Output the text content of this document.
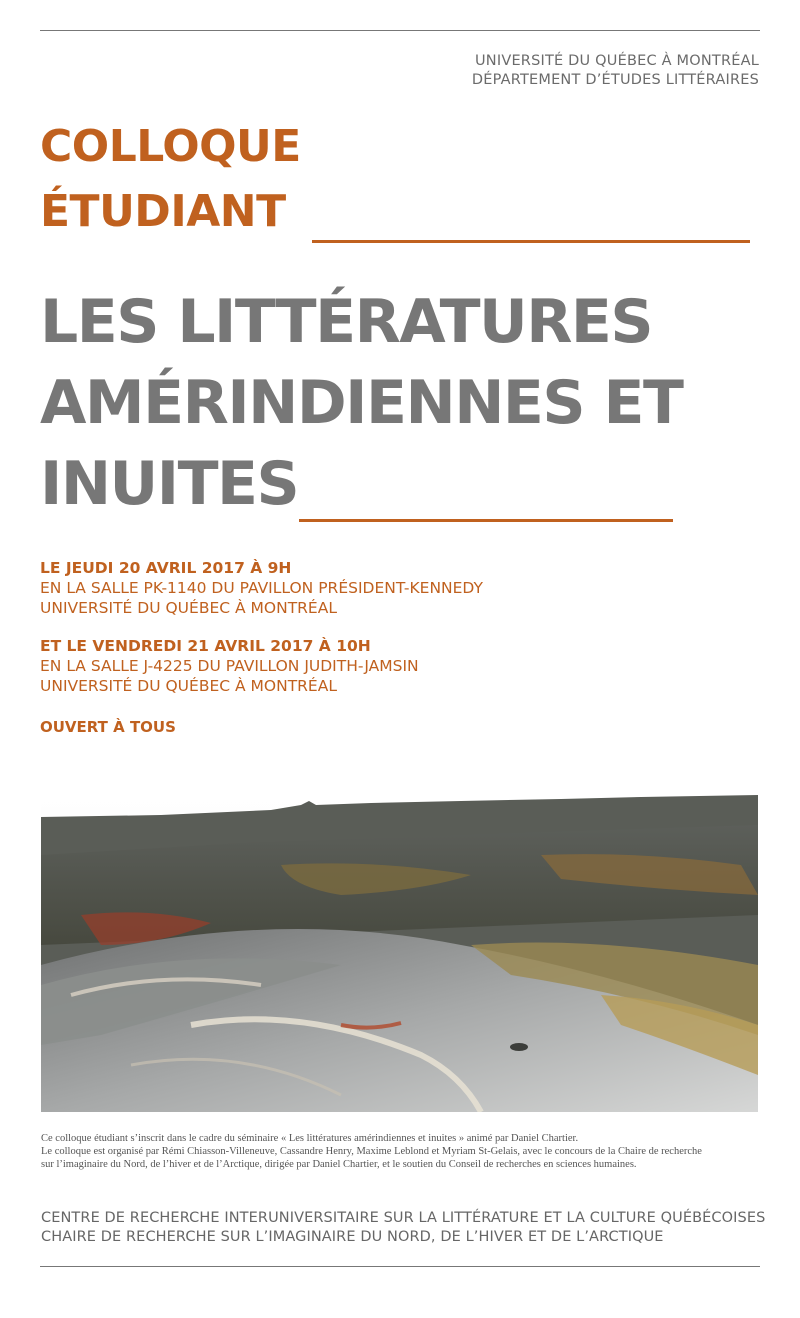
UNIVERSITÉ DU QUÉBEC À MONTRÉAL
DÉPARTEMENT D’ÉTUDES LITTÉRAIRES
COLLOQUE
ÉTUDIANT
LES LITTÉRATURES
AMÉRINDIENNES ET
INUITES
LE JEUDI 20 AVRIL 2017 À 9H
EN LA SALLE PK-1140 DU PAVILLON PRÉSIDENT-KENNEDY
UNIVERSITÉ DU QUÉBEC À MONTRÉAL
ET LE VENDREDI 21 AVRIL 2017 À 10H
EN LA SALLE J-4225 DU PAVILLON JUDITH-JAMSIN
UNIVERSITÉ DU QUÉBEC À MONTRÉAL
OUVERT À TOUS
Ce colloque étudiant s’inscrit dans le cadre du séminaire « Les littératures amérindiennes et inuites » animé par Daniel Chartier.
Le colloque est organisé par Rémi Chiasson-Villeneuve, Cassandre Henry, Maxime Leblond et Myriam St-Gelais, avec le concours de la Chaire de recherche
sur l’imaginaire du Nord, de l’hiver et de l’Arctique, dirigée par Daniel Chartier, et le soutien du Conseil de recherches en sciences humaines.
CENTRE DE RECHERCHE INTERUNIVERSITAIRE SUR LA LITTÉRATURE ET LA CULTURE QUÉBÉCOISES
CHAIRE DE RECHERCHE SUR L’IMAGINAIRE DU NORD, DE L’HIVER ET DE L’ARCTIQUE
